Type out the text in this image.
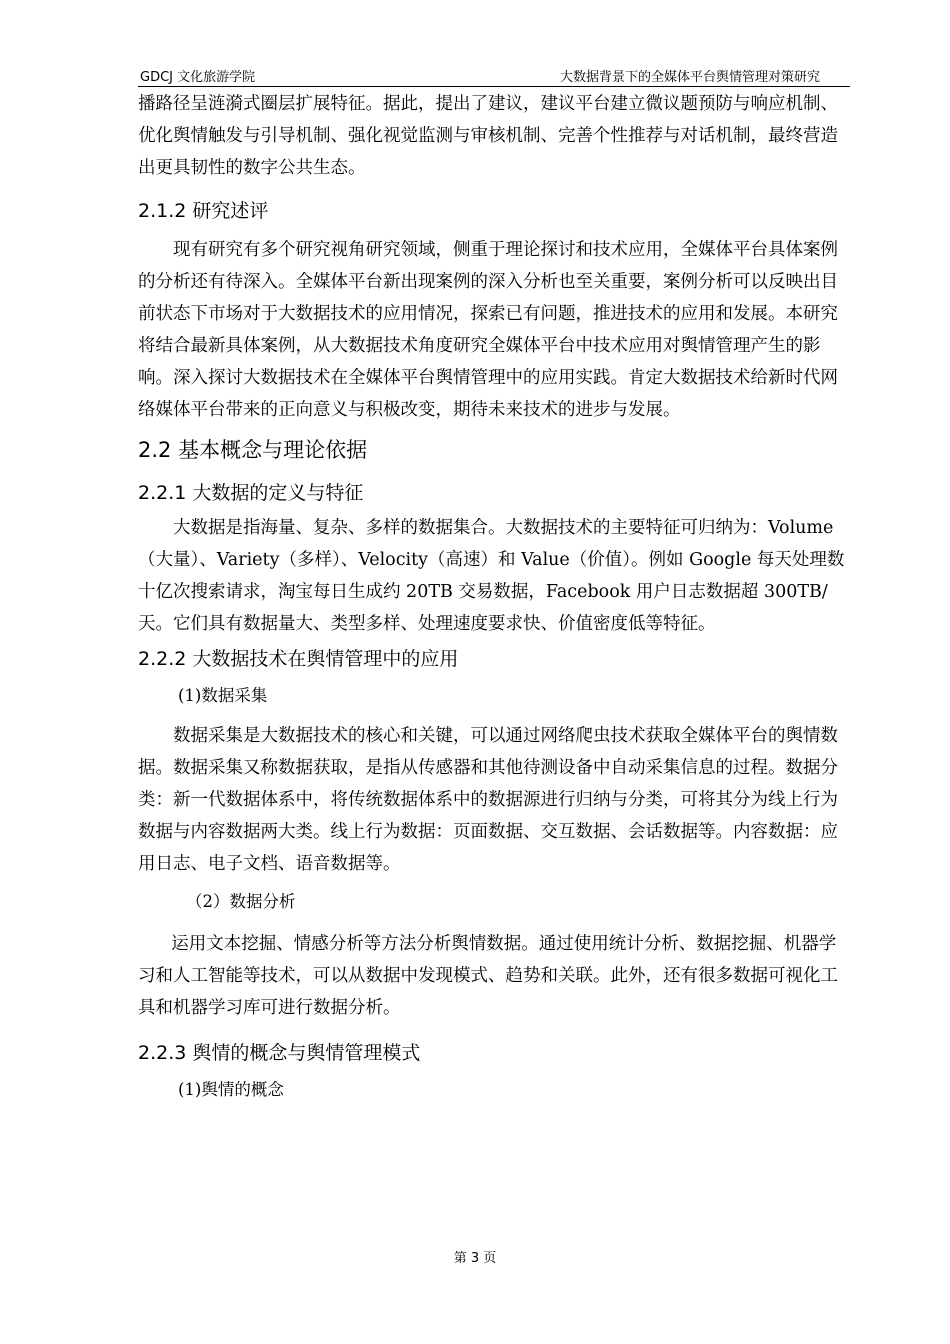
GDCJ 文化旅游学院	大数据背景下的全媒体平台舆情管理对策研究

播路径呈涟漪式圈层扩展特征。据此，提出了建议，建议平台建立微议题预防与响应机制、优化舆情触发与引导机制、强化视觉监测与审核机制、完善个性推荐与对话机制，最终营造出更具韧性的数字公共生态。

2.1.2 研究述评

现有研究有多个研究视角研究领域，侧重于理论探讨和技术应用，全媒体平台具体案例的分析还有待深入。全媒体平台新出现案例的深入分析也至关重要，案例分析可以反映出目前状态下市场对于大数据技术的应用情况，探索已有问题，推进技术的应用和发展。本研究将结合最新具体案例，从大数据技术角度研究全媒体平台中技术应用对舆情管理产生的影响。深入探讨大数据技术在全媒体平台舆情管理中的应用实践。肯定大数据技术给新时代网络媒体平台带来的正向意义与积极改变，期待未来技术的进步与发展。

2.2 基本概念与理论依据
2.2.1 大数据的定义与特征

大数据是指海量、复杂、多样的数据集合。大数据技术的主要特征可归纳为：Volume（大量）、Variety（多样）、Velocity（高速）和 Value（价值）。例如 Google 每天处理数十亿次搜索请求，淘宝每日生成约 20TB 交易数据，Facebook 用户日志数据超 300TB/天。它们具有数据量大、类型多样、处理速度要求快、价值密度低等特征。

2.2.2 大数据技术在舆情管理中的应用

(1)数据采集

数据采集是大数据技术的核心和关键，可以通过网络爬虫技术获取全媒体平台的舆情数据。数据采集又称数据获取，是指从传感器和其他待测设备中自动采集信息的过程。数据分类：新一代数据体系中，将传统数据体系中的数据源进行归纳与分类，可将其分为线上行为数据与内容数据两大类。线上行为数据：页面数据、交互数据、会话数据等。内容数据：应用日志、电子文档、语音数据等。

（2）数据分析

运用文本挖掘、情感分析等方法分析舆情数据。通过使用统计分析、数据挖掘、机器学习和人工智能等技术，可以从数据中发现模式、趋势和关联。此外，还有很多数据可视化工具和机器学习库可进行数据分析。

2.2.3 舆情的概念与舆情管理模式

(1)舆情的概念

第 3 页
